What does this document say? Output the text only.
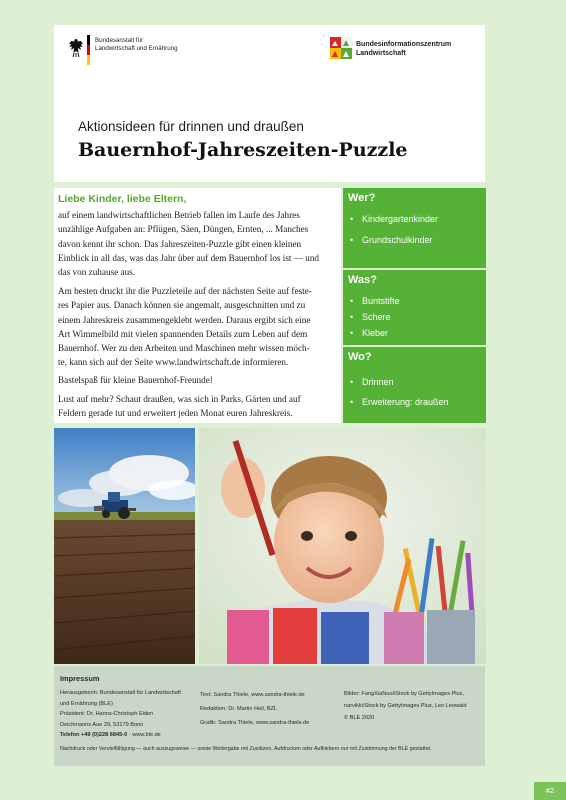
Bundesanstalt für
Landwirtschaft und Ernährung	Bundesinformationszentrum
Landwirtschaft
Aktionsideen für drinnen und draußen
Bauernhof-Jahreszeiten-Puzzle
Liebe Kinder, liebe Eltern,
auf einem landwirtschaftlichen Betrieb fallen im Laufe des Jahres
unzählige Aufgaben an: Pflügen, Säen, Düngen, Ernten, ... Manches
davon kennt ihr schon. Das Jahreszeiten-Puzzle gibt einen kleinen
Einblick in all das, was das Jahr über auf dem Bauernhof los ist — und
das von zuhause aus.
Am besten druckt ihr die Puzzleteile auf der nächsten Seite auf feste-
res Papier aus. Danach können sie angemalt, ausgeschnitten und zu
einem Jahreskreis zusammengeklebt werden. Daraus ergibt sich eine
Art Wimmelbild mit vielen spannenden Details zum Leben auf dem
Bauernhof. Wer zu den Arbeiten und Maschinen mehr wissen möch-
te, kann sich auf der Seite www.landwirtschaft.de informieren.
Bastelspaß für kleine Bauernhof-Freunde!
Lust auf mehr? Schaut draußen, was sich in Parks, Gärten und auf
Feldern gerade tut und erweitert jeden Monat euren Jahreskreis.
Wer?
• Kindergartenkinder
• Grundschulkinder
Was?
• Buntstifte
• Schere
• Kleber
Wo?
• Drinnen
• Erweiterung: draußen
Impressum
Herausgeberin: Bundesanstalt für Landwirtschaft
und Ernährung (BLE)
Präsident: Dr. Hanns-Christoph Eiden
Deichmanns Aue 29, 53179 Bonn
Telefon +49 (0)228 6845-0 · www.ble.de
Text: Sandra Thiele, www.sandra-thiele.de
Redaktion: Dr. Martin Heil, BZL
Grafik: Sandra Thiele, www.sandra-thiele.de
Bilder: FangXiaNuo/iStock by GettyImages Plus,
narvikk/iStock by GettyImages Plus, Leo Leowald
© BLE 2020
Nachdruck oder Vervielfältigung — auch auszugsweise — sowie Weitergabe mit Zusätzen, Aufdrucken oder Aufklebern nur mit Zustimmung der BLE gestattet.
#2
